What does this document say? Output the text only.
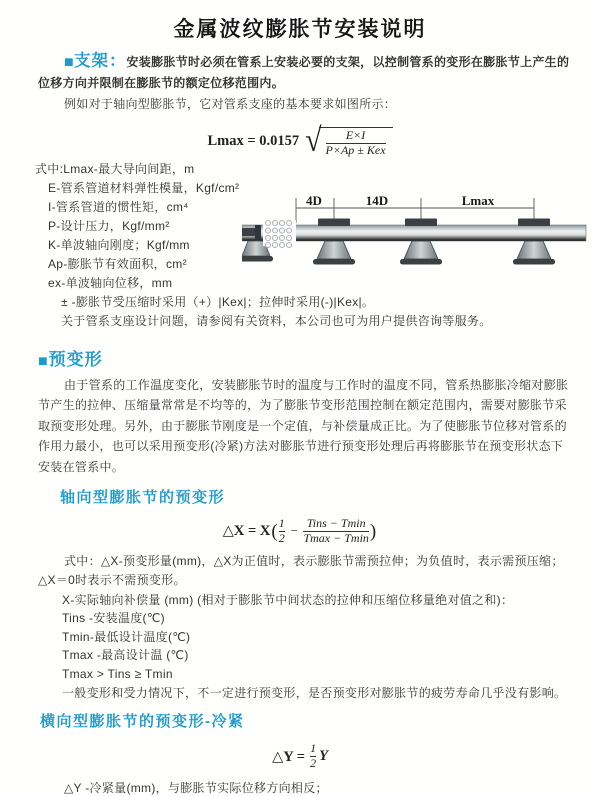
金属波纹膨胀节安装说明

■支架：安装膨胀节时必须在管系上安装必要的支架，以控制管系的变形在膨胀节上产生的位移方向并限制在膨胀节的额定位移范围内。

例如对于轴向型膨胀节，它对管系支座的基本要求如图所示：

Lmax = 0.0157 √
$\frac{E\times I}{\text{P×Ap ± Kex}}$
式中:Lmax-最大导向间距，m
E-管系管道材料弹性模量，Kgf/cm²
I-管系管道的惯性矩，cm⁴
P-设计压力，Kgf/mm²
K-单波轴向刚度；Kgf/mm
Ap-膨胀节有效面积，cm²
ex-单波轴向位移，mm
± -膨胀节受压缩时采用（+）|Kex|；拉伸时采用(-)|Kex|。
关于管系支座设计问题，请参阅有关资料，本公司也可为用户提供咨询等服务。
4D	14D	Lmax
■预变形

由于管系的工作温度变化，安装膨胀节时的温度与工作时的温度不同，管系热膨胀冷缩对膨胀节产生的拉伸、压缩量常常是不均等的，为了膨胀节变形范围控制在额定范围内，需要对膨胀节采取预变形处理。另外，由于膨胀节刚度是一个定值，与补偿量成正比。为了使膨胀节位移对管系的作用力最小，也可以采用预变形(冷紧)方法对膨胀节进行预变形处理后再将膨胀节在预变形状态下安装在管系中。

轴向型膨胀节的预变形
△X = X ( $\frac{1}{2} - \frac{\text{Tins − Tmin}}{Tmax - Tmin}$ )

式中：△X-预变形量(mm)，△X为正值时，表示膨胀节需预拉伸；为负值时，表示需预压缩；△X＝0时表示不需预变形。

X-实际轴向补偿量 (mm) (相对于膨胀节中间状态的拉伸和压缩位移量绝对值之和)：
Tins -安装温度(℃)
Tmin-最低设计温度(℃)
Tmax -最高设计温 (℃)
Tmax > Tins ≥ Tmin
一般变形和受力情况下，不一定进行预变形，是否预变形对膨胀节的疲劳寿命几乎没有影响。
横向型膨胀节的预变形-冷紧
△Y = $\frac{1}{2}$ Y

△Y -冷紧量(mm)，与膨胀节实际位移方向相反；
